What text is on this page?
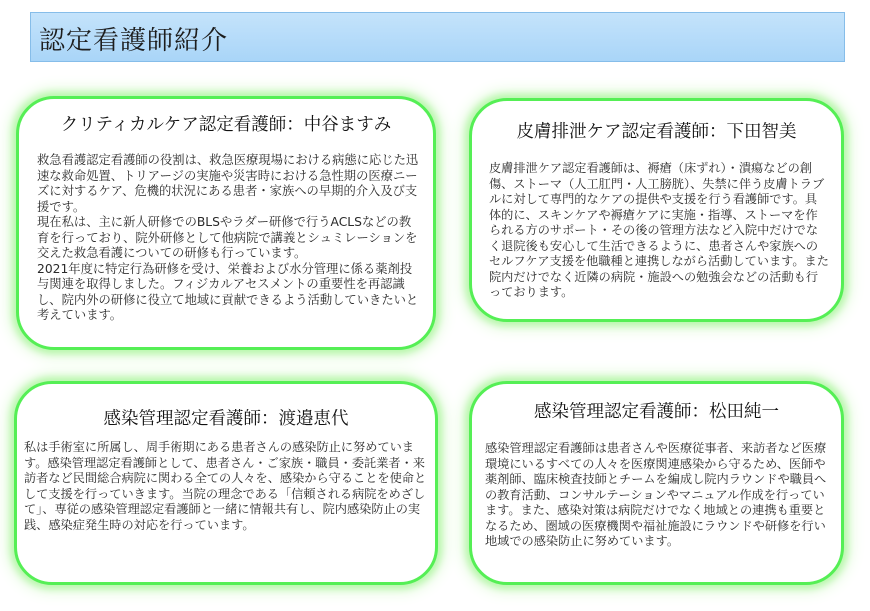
認定看護師紹介
クリティカルケア認定看護師：中谷ますみ

救急看護認定看護師の役割は、救急医療現場における病態に応じた迅速な救命処置、トリアージの実施や災害時における急性期の医療ニーズに対するケア、危機的状況にある患者・家族への早期的介入及び支援です。
現在私は、主に新人研修でのBLSやラダー研修で行うACLSなどの教育を行っており、院外研修として他病院で講義とシュミレーションを交えた救急看護についての研修も行っています。
2021年度に特定行為研修を受け、栄養および水分管理に係る薬剤投与関連を取得しました。フィジカルアセスメントの重要性を再認識し、院内外の研修に役立て地域に貢献できるよう活動していきたいと考えています。

皮膚排泄ケア認定看護師：下田智美

皮膚排泄ケア認定看護師は、褥瘡（床ずれ）・潰瘍などの創傷、ストーマ（人工肛門・人工膀胱）、失禁に伴う皮膚トラブルに対して専門的なケアの提供や支援を行う看護師です。具体的に、スキンケアや褥瘡ケアに実施・指導、ストーマを作られる方のサポート・その後の管理方法など入院中だけでなく退院後も安心して生活できるように、患者さんや家族へのセルフケア支援を他職種と連携しながら活動しています。また院内だけでなく近隣の病院・施設への勉強会などの活動も行っております。

感染管理認定看護師：渡邉恵代

私は手術室に所属し、周手術期にある患者さんの感染防止に努めています。感染管理認定看護師として、患者さん・ご家族・職員・委託業者・来訪者など民間総合病院に関わる全ての人々を、感染から守ることを使命として支援を行っていきます。当院の理念である「信頼される病院をめざして」、専従の感染管理認定看護師と一緒に情報共有し、院内感染防止の実践、感染症発生時の対応を行っています。

感染管理認定看護師：松田純一

感染管理認定看護師は患者さんや医療従事者、来訪者など医療環境にいるすべての人々を医療関連感染から守るため、医師や薬剤師、臨床検査技師とチームを編成し院内ラウンドや職員への教育活動、コンサルテーションやマニュアル作成を行っています。また、感染対策は病院だけでなく地域との連携も重要となるため、圏域の医療機関や福祉施設にラウンドや研修を行い地域での感染防止に努めています。
